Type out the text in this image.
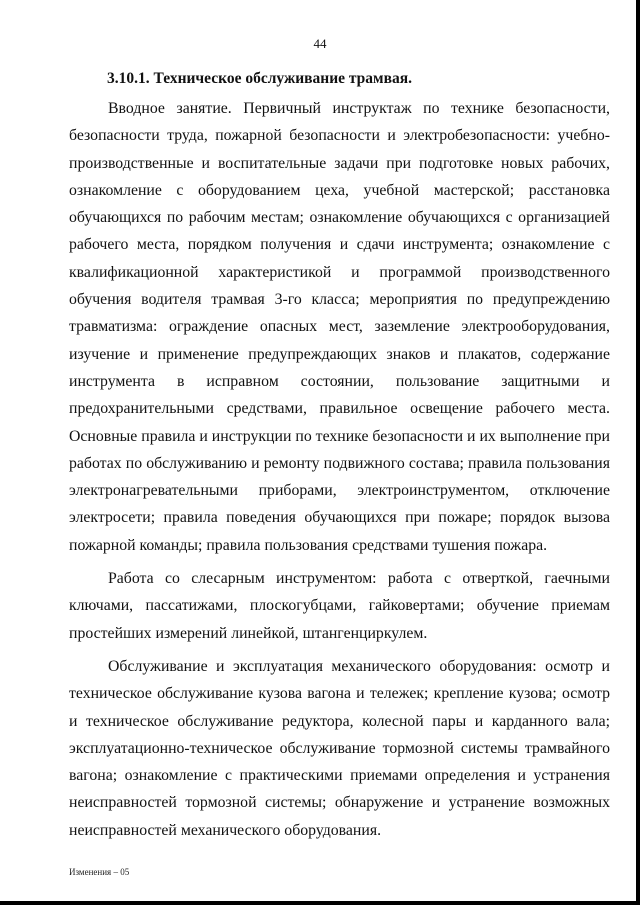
44
3.10.1. Техническое обслуживание трамвая.

Вводное занятие. Первичный инструктаж по технике безопасности, безопасности труда, пожарной безопасности и электробезопасности: учебно-производственные и воспитательные задачи при подготовке новых рабочих, ознакомление с оборудованием цеха, учебной мастерской; расстановка обучающихся по рабочим местам; ознакомление обучающихся с организацией рабочего места, порядком получения и сдачи инструмента; ознакомление с квалификационной характеристикой и программой производственного обучения водителя трамвая 3-го класса; мероприятия по предупреждению травматизма: ограждение опасных мест, заземление электрооборудования, изучение и применение предупреждающих знаков и плакатов, содержание инструмента в исправном состоянии, пользование защитными и предохранительными средствами, правильное освещение рабочего места. Основные правила и инструкции по технике безопасности и их выполнение при работах по обслуживанию и ремонту подвижного состава; правила пользования электронагревательными приборами, электроинструментом, отключение электросети; правила поведения обучающихся при пожаре; порядок вызова пожарной команды; правила пользования средствами тушения пожара.

Работа со слесарным инструментом: работа с отверткой, гаечными ключами, пассатижами, плоскогубцами, гайковертами; обучение приемам простейших измерений линейкой, штангенциркулем.

Обслуживание и эксплуатация механического оборудования: осмотр и техническое обслуживание кузова вагона и тележек; крепление кузова; осмотр и техническое обслуживание редуктора, колесной пары и карданного вала; эксплуатационно-техническое обслуживание тормозной системы трамвайного вагона; ознакомление с практическими приемами определения и устранения неисправностей тормозной системы; обнаружение и устранение возможных неисправностей механического оборудования.

Изменения – 05
